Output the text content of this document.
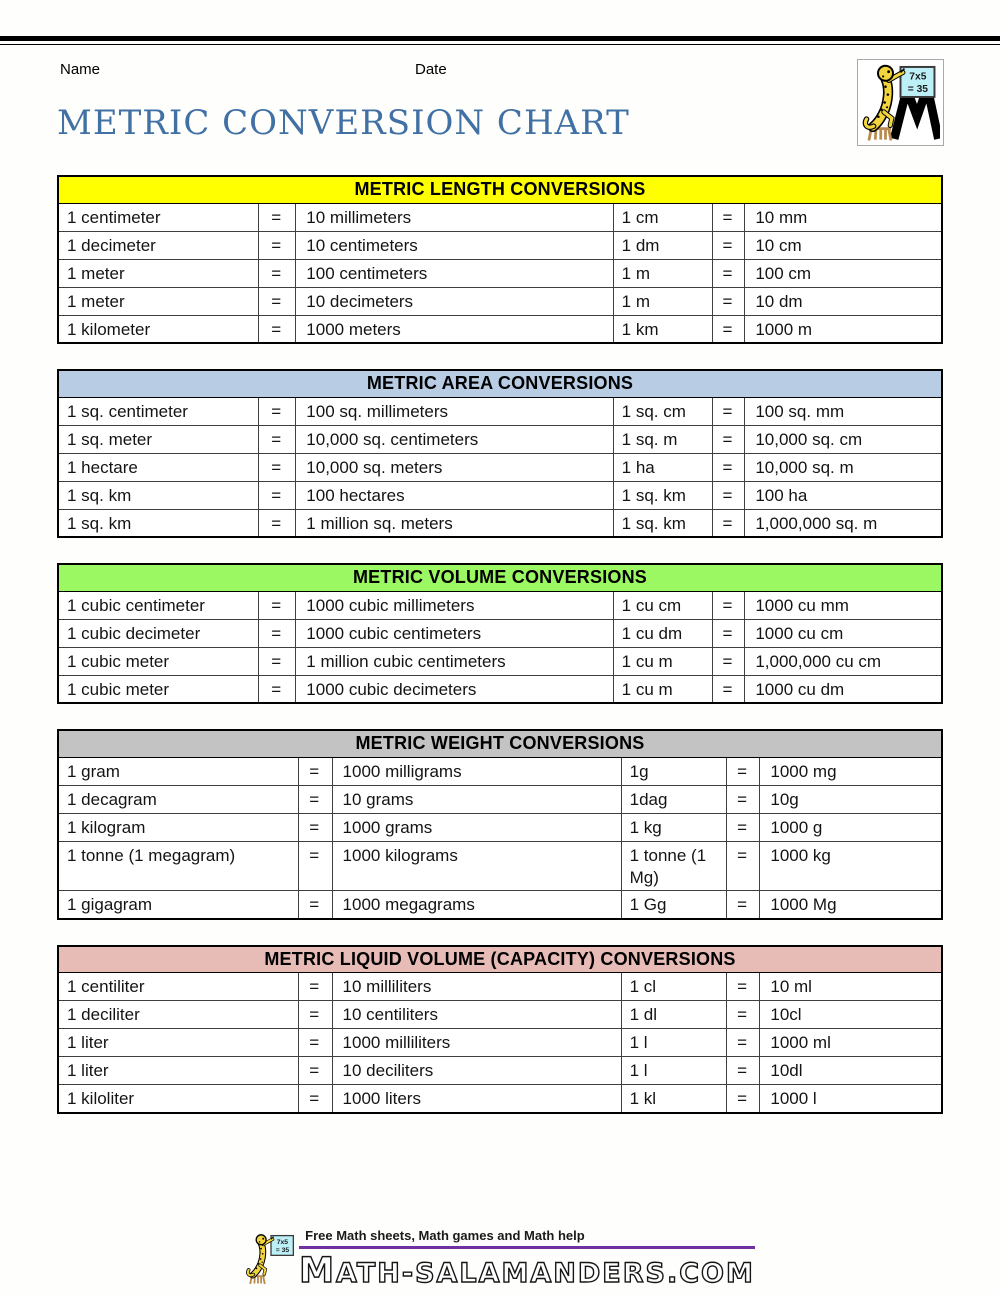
Name	Date
METRIC CONVERSION CHART
METRIC LENGTH CONVERSIONS					
1 centimeter	=	10 millimeters	1 cm	=	10 mm
1 decimeter	=	10 centimeters	1 dm	=	10 cm
1 meter	=	100 centimeters	1 m	=	100 cm
1 meter	=	10 decimeters	1 m	=	10 dm
1 kilometer	=	1000 meters	1 km	=	1000 m
METRIC AREA CONVERSIONS					
1 sq. centimeter	=	100 sq. millimeters	1 sq. cm	=	100 sq. mm
1 sq. meter	=	10,000 sq. centimeters	1 sq. m	=	10,000 sq. cm
1 hectare	=	10,000 sq. meters	1 ha	=	10,000 sq. m
1 sq. km	=	100 hectares	1 sq. km	=	100 ha
1 sq. km	=	1 million sq. meters	1 sq. km	=	1,000,000 sq. m
METRIC VOLUME CONVERSIONS					
1 cubic centimeter	=	1000 cubic millimeters	1 cu cm	=	1000 cu mm
1 cubic decimeter	=	1000 cubic centimeters	1 cu dm	=	1000 cu cm
1 cubic meter	=	1 million cubic centimeters	1 cu m	=	1,000,000 cu cm
1 cubic meter	=	1000 cubic decimeters	1 cu m	=	1000 cu dm
METRIC WEIGHT CONVERSIONS					
1 gram	=	1000 milligrams	1g	=	1000 mg
1 decagram	=	10 grams	1dag	=	10g
1 kilogram	=	1000 grams	1 kg	=	1000 g
1 tonne (1 megagram)	=	1000 kilograms	1 tonne (1 Mg)	=	1000 kg
1 gigagram	=	1000 megagrams	1 Gg	=	1000 Mg
METRIC LIQUID VOLUME (CAPACITY) CONVERSIONS					
1 centiliter	=	10 milliliters	1 cl	=	10 ml
1 deciliter	=	10 centiliters	1 dl	=	10cl
1 liter	=	1000 milliliters	1 l	=	1000 ml
1 liter	=	10 deciliters	1 l	=	10dl
1 kiloliter	=	1000 liters	1 kl	=	1000 l
Free Math sheets, Math games and Math help
MATH-SALAMANDERS.COM
